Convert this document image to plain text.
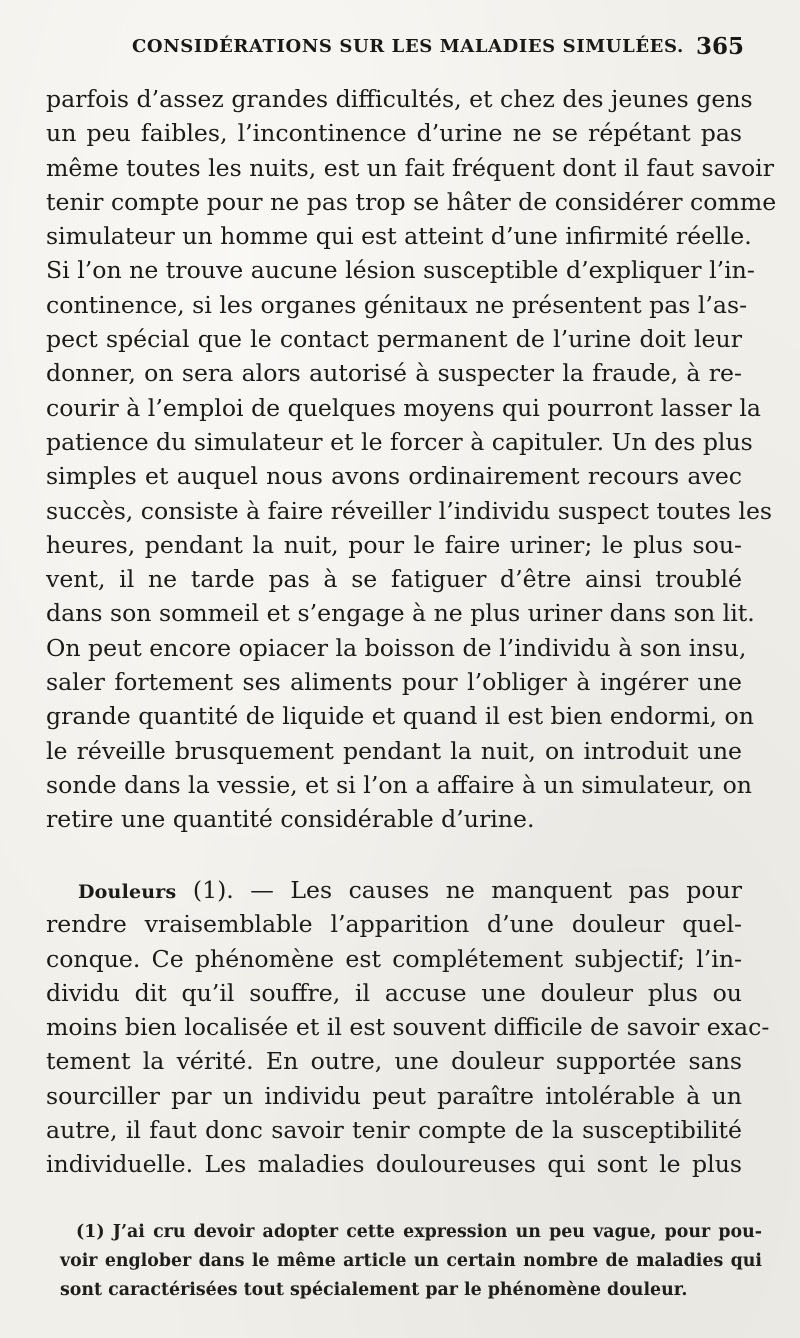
CONSIDÉRATIONS SUR LES MALADIES SIMULÉES. 365
parfois d’assez grandes difficultés, et chez des jeunes gens
un peu faibles, l’incontinence d’urine ne se répétant pas
même toutes les nuits, est un fait fréquent dont il faut savoir
tenir compte pour ne pas trop se hâter de considérer comme
simulateur un homme qui est atteint d’une infirmité réelle.
Si l’on ne trouve aucune lésion susceptible d’expliquer l’in-
continence, si les organes génitaux ne présentent pas l’as-
pect spécial que le contact permanent de l’urine doit leur
donner, on sera alors autorisé à suspecter la fraude, à re-
courir à l’emploi de quelques moyens qui pourront lasser la
patience du simulateur et le forcer à capituler. Un des plus
simples et auquel nous avons ordinairement recours avec
succès, consiste à faire réveiller l’individu suspect toutes les
heures, pendant la nuit, pour le faire uriner; le plus sou-
vent, il ne tarde pas à se fatiguer d’être ainsi troublé
dans son sommeil et s’engage à ne plus uriner dans son lit.
On peut encore opiacer la boisson de l’individu à son insu,
saler fortement ses aliments pour l’obliger à ingérer une
grande quantité de liquide et quand il est bien endormi, on
le réveille brusquement pendant la nuit, on introduit une
sonde dans la vessie, et si l’on a affaire à un simulateur, on
retire une quantité considérable d’urine.
Douleurs (1). — Les causes ne manquent pas pour
rendre vraisemblable l’apparition d’une douleur quel-
conque. Ce phénomène est complétement subjectif; l’in-
dividu dit qu’il souffre, il accuse une douleur plus ou
moins bien localisée et il est souvent difficile de savoir exac-
tement la vérité. En outre, une douleur supportée sans
sourciller par un individu peut paraître intolérable à un
autre, il faut donc savoir tenir compte de la susceptibilité
individuelle. Les maladies douloureuses qui sont le plus
(1) J’ai cru devoir adopter cette expression un peu vague, pour pou-
voir englober dans le même article un certain nombre de maladies qui
sont caractérisées tout spécialement par le phénomène douleur.
